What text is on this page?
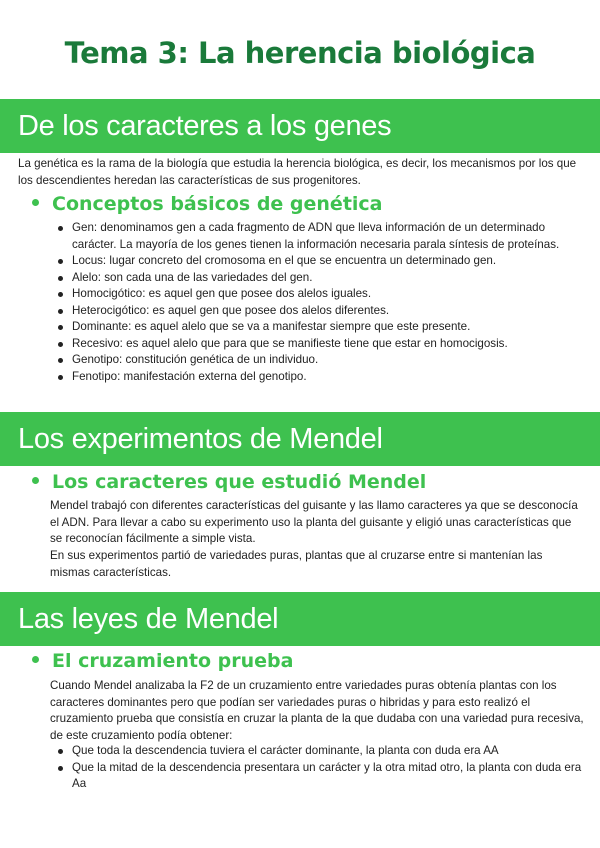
Tema 3: La herencia biológica
De los caracteres a los genes
La genética es la rama de la biología que estudia la herencia biológica, es decir, los mecanismos por los que los descendientes heredan las características de sus progenitores.
Conceptos básicos de genética
Gen: denominamos gen a cada fragmento de ADN que lleva información de un determinado carácter. La mayoría de los genes tienen la información necesaria parala síntesis de proteínas.
Locus: lugar concreto del cromosoma en el que se encuentra un determinado gen.
Alelo: son cada una de las variedades del gen.
Homocigótico: es aquel gen que posee dos alelos iguales.
Heterocigótico: es aquel gen que posee dos alelos diferentes.
Dominante: es aquel alelo que se va a manifestar siempre que este presente.
Recesivo: es aquel alelo que para que se manifieste tiene que estar en homocigosis.
Genotipo: constitución genética de un individuo.
Fenotipo: manifestación externa del genotipo.
Los experimentos de Mendel
Los caracteres que estudió Mendel
Mendel trabajó con diferentes características del guisante y las llamo caracteres ya que se desconocía el ADN. Para llevar a cabo su experimento uso la planta del guisante y eligió unas características que se reconocían fácilmente a simple vista.
En sus experimentos partió de variedades puras, plantas que al cruzarse entre si mantenían las mismas características.
Las leyes de Mendel
El cruzamiento prueba
Cuando Mendel analizaba la F2 de un cruzamiento entre variedades puras obtenía plantas con los caracteres dominantes pero que podían ser variedades puras o hibridas y para esto realizó el cruzamiento prueba que consistía en cruzar la planta de la que dudaba con una variedad pura recesiva, de este cruzamiento podía obtener:
Que toda la descendencia tuviera el carácter dominante, la planta con duda era AA
Que la mitad de la descendencia presentara un carácter y la otra mitad otro, la planta con duda era Aa
